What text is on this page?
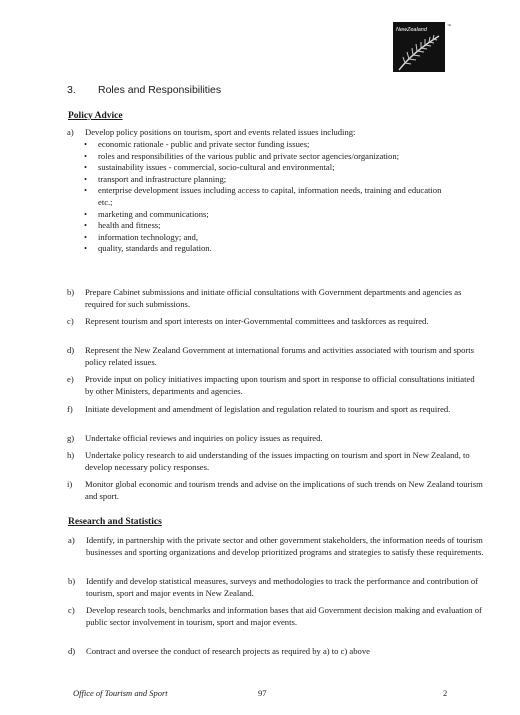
NewZealand
™
3. Roles and Responsibilities
Policy Advice
a) Develop policy positions on tourism, sport and events related issues including:
• economic rationale - public and private sector funding issues;
• roles and responsibilities of the various public and private sector agencies/organization;
• sustainability issues - commercial, socio-cultural and environmental;
• transport and infrastructure planning;
• enterprise development issues including access to capital, information needs, training and education etc.;
• marketing and communications;
• health and fitness;
• information technology; and,
• quality, standards and regulation.
b) Prepare Cabinet submissions and initiate official consultations with Government departments and agencies as required for such submissions.
c) Represent tourism and sport interests on inter-Governmental committees and taskforces as required.
d) Represent the New Zealand Government at international forums and activities associated with tourism and sports policy related issues.
e) Provide input on policy initiatives impacting upon tourism and sport in response to official consultations initiated by other Ministers, departments and agencies.
f) Initiate development and amendment of legislation and regulation related to tourism and sport as required.
g) Undertake official reviews and inquiries on policy issues as required.
h) Undertake policy research to aid understanding of the issues impacting on tourism and sport in New Zealand, to develop necessary policy responses.
i) Monitor global economic and tourism trends and advise on the implications of such trends on New Zealand tourism and sport.
Research and Statistics
a) Identify, in partnership with the private sector and other government stakeholders, the information needs of tourism businesses and sporting organizations and develop prioritized programs and strategies to satisfy these requirements.
b) Identify and develop statistical measures, surveys and methodologies to track the performance and contribution of tourism, sport and major events in New Zealand.
c) Develop research tools, benchmarks and information bases that aid Government decision making and evaluation of public sector involvement in tourism, sport and major events.
d) Contract and oversee the conduct of research projects as required by a) to c) above
Office of Tourism and Sport	97	2
